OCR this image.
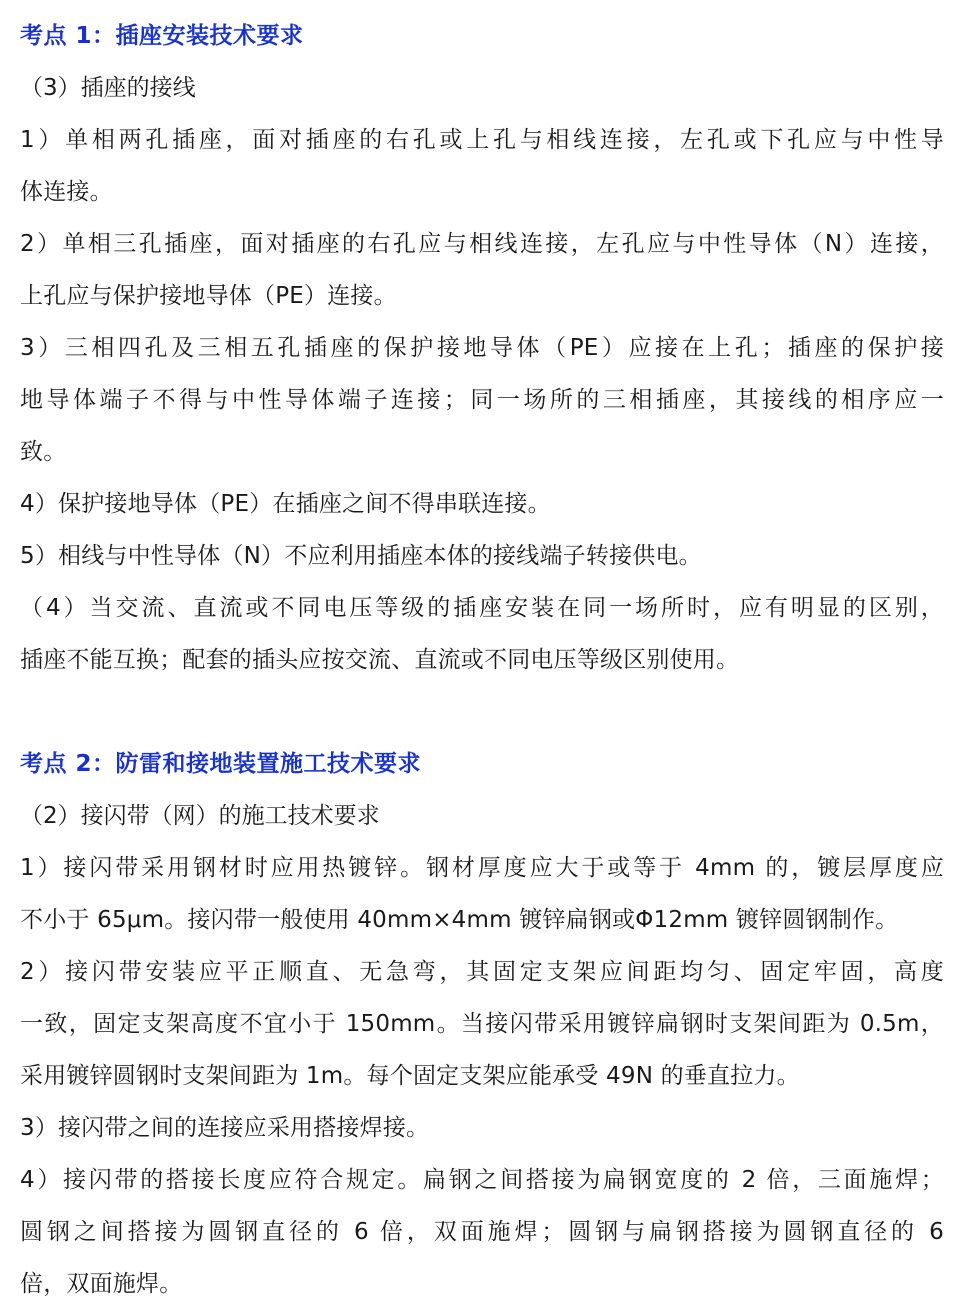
考点 1：插座安装技术要求
（3）插座的接线
1）单相两孔插座，面对插座的右孔或上孔与相线连接，左孔或下孔应与中性导
体连接。
2）单相三孔插座，面对插座的右孔应与相线连接，左孔应与中性导体（N）连接，
上孔应与保护接地导体（PE）连接。
3）三相四孔及三相五孔插座的保护接地导体（PE）应接在上孔；插座的保护接
地导体端子不得与中性导体端子连接；同一场所的三相插座，其接线的相序应一
致。
4）保护接地导体（PE）在插座之间不得串联连接。
5）相线与中性导体（N）不应利用插座本体的接线端子转接供电。
（4）当交流、直流或不同电压等级的插座安装在同一场所时，应有明显的区别，
插座不能互换；配套的插头应按交流、直流或不同电压等级区别使用。
考点 2：防雷和接地装置施工技术要求
（2）接闪带（网）的施工技术要求
1）接闪带采用钢材时应用热镀锌。钢材厚度应大于或等于 4mm 的，镀层厚度应
不小于 65μm。接闪带一般使用 40mm×4mm 镀锌扁钢或Φ12mm 镀锌圆钢制作。
2）接闪带安装应平正顺直、无急弯，其固定支架应间距均匀、固定牢固，高度
一致，固定支架高度不宜小于 150mm。当接闪带采用镀锌扁钢时支架间距为 0.5m，
采用镀锌圆钢时支架间距为 1m。每个固定支架应能承受 49N 的垂直拉力。
3）接闪带之间的连接应采用搭接焊接。
4）接闪带的搭接长度应符合规定。扁钢之间搭接为扁钢宽度的 2 倍，三面施焊；
圆钢之间搭接为圆钢直径的 6 倍，双面施焊；圆钢与扁钢搭接为圆钢直径的 6
倍，双面施焊。
